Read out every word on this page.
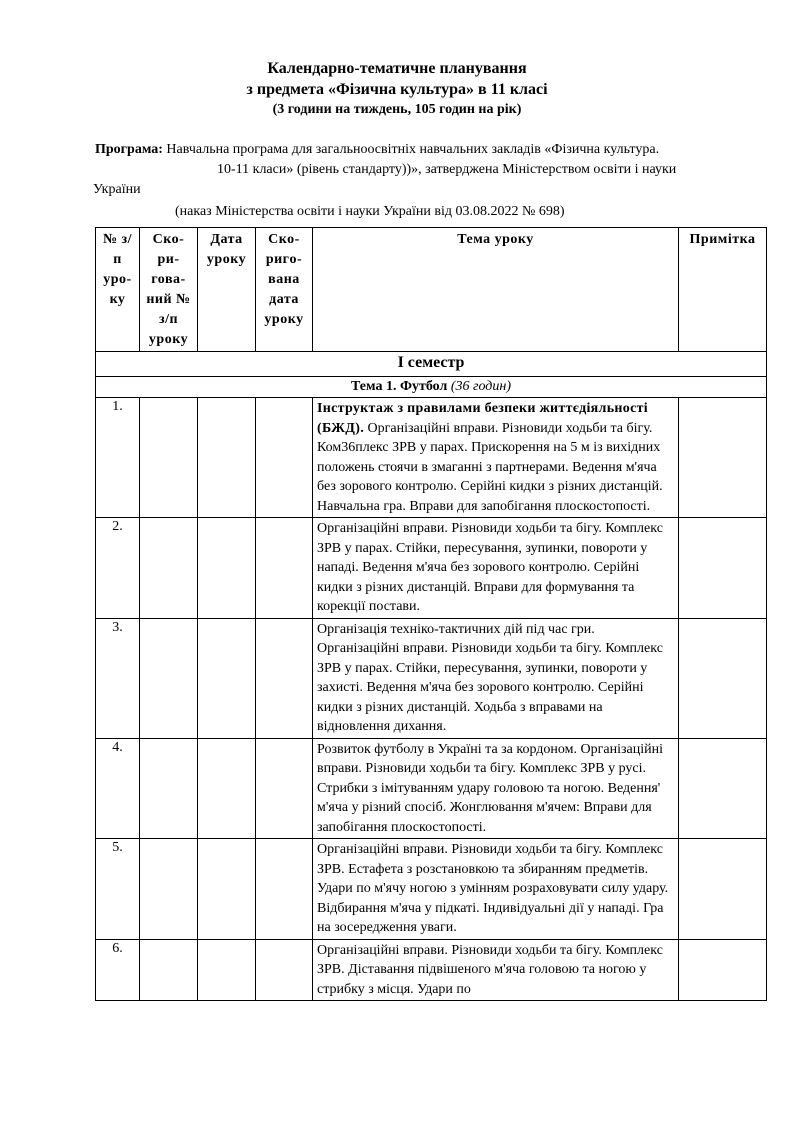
Календарно-тематичне планування
з предмета «Фізична культура» в 11 класі
(3 години на тиждень, 105 годин на рік)
Програма: Навчальна програма для загальноосвітніх навчальних закладів «Фізична культура.
10-11 класи» (рівень стандарту))», затверджена Міністерством освіти і науки
України
(наказ Міністерства освіти і науки України від 03.08.2022 № 698)
№ з/п уро-ку	Ско-ри-гова-ний № з/п уроку	Дата уроку	Ско-ригo-вана дата уроку	Тема уроку	Примітка

І семестр					
Тема 1. Футбол (36 годин)					
1.				Інструктаж з правилами безпеки життєдіяльності (БЖД). Організаційні вправи. Різновиди ходьби та бігу. Ком36плекс ЗРВ у парах. Прискорення на 5 м із вихідних положень стоячи в змаганні з партнерами. Ведення м'яча без зорового контролю. Серійні кидки з різних дистанцій. Навчальна гра. Вправи для запобігання плоскостопості.	
2.				Організаційні вправи. Різновиди ходьби та бігу. Комплекс ЗРВ у парах. Стійки, пересування, зупинки, повороти у нападі. Ведення м'яча без зорового контролю. Серійні кидки з різних дистанцій. Вправи для формування та корекції постави.	
3.				Організація техніко-тактичних дій під час гри. Організаційні вправи. Різновиди ходьби та бігу. Комплекс ЗРВ у парах. Стійки, пересування, зупинки, повороти у захисті. Ведення м'яча без зорового контролю. Серійні кидки з різних дистанцій. Ходьба з вправами на відновлення дихання.	
4.				Розвиток футболу в Україні та за кордоном. Організаційні вправи. Різновиди ходьби та бігу. Комплекс ЗРВ у русі. Стрибки з імітуванням удару головою та ногою. Ведення' м'яча у різний спосіб. Жонглювання м'ячем: Вправи для запобігання плоскостопості.	
5.				Організаційні вправи. Різновиди ходьби та бігу. Комплекс ЗРВ. Естафета з розстановкою та збиранням предметів. Удари по м'ячу ногою з умінням розраховувати силу удару. Відбирання м'яча у підкаті. Індивідуальні дії у нападі. Гра на зосередження уваги.	
6.				Організаційні вправи. Різновиди ходьби та бігу. Комплекс ЗРВ. Діставання підвішеного м'яча головою та ногою у стрибку з місця. Удари по	
